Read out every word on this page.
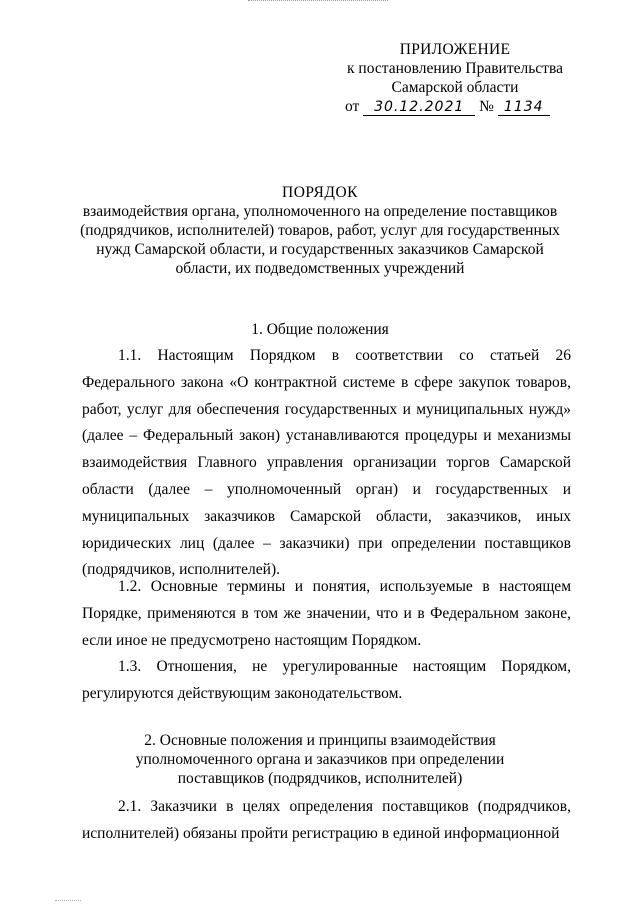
ПРИЛОЖЕНИЕ
к постановлению Правительства
Самарской области
от 30.12.2021 № 1134
ПОРЯДОК
взаимодействия органа, уполномоченного на определение поставщиков
(подрядчиков, исполнителей) товаров, работ, услуг для государственных
нужд Самарской области, и государственных заказчиков Самарской
области, их подведомственных учреждений
1. Общие положения
1.1. Настоящим Порядком в соответствии со статьей 26 Федерального закона «О контрактной системе в сфере закупок товаров, работ, услуг для обеспечения государственных и муниципальных нужд» (далее – Федеральный закон) устанавливаются процедуры и механизмы взаимодействия Главного управления организации торгов Самарской области (далее – уполномоченный орган) и государственных и муниципальных заказчиков Самарской области, заказчиков, иных юридических лиц (далее – заказчики) при определении поставщиков (подрядчиков, исполнителей).
1.2. Основные термины и понятия, используемые в настоящем Порядке, применяются в том же значении, что и в Федеральном законе, если иное не предусмотрено настоящим Порядком.
1.3. Отношения, не урегулированные настоящим Порядком, регулируются действующим законодательством.
2. Основные положения и принципы взаимодействия
уполномоченного органа и заказчиков при определении
поставщиков (подрядчиков, исполнителей)
2.1. Заказчики в целях определения поставщиков (подрядчиков, исполнителей) обязаны пройти регистрацию в единой информационной
